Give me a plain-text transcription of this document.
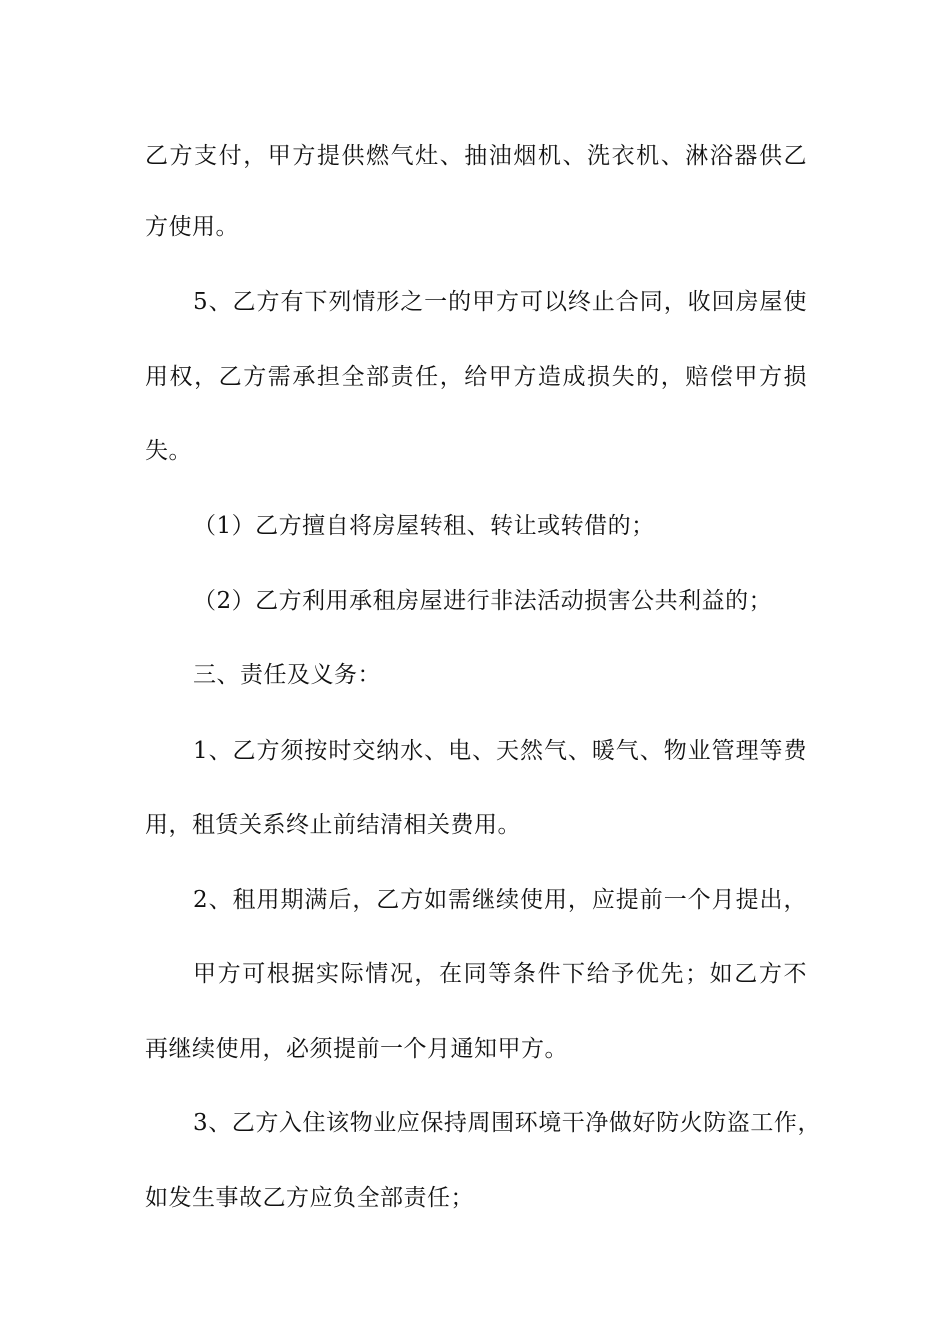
乙方支付，甲方提供燃气灶、抽油烟机、洗衣机、淋浴器供乙
方使用。
5、乙方有下列情形之一的甲方可以终止合同，收回房屋使
用权，乙方需承担全部责任，给甲方造成损失的，赔偿甲方损
失。
（1）乙方擅自将房屋转租、转让或转借的；
（2）乙方利用承租房屋进行非法活动损害公共利益的；
三、责任及义务：
1、乙方须按时交纳水、电、天然气、暖气、物业管理等费
用，租赁关系终止前结清相关费用。
2、租用期满后，乙方如需继续使用，应提前一个月提出，
甲方可根据实际情况，在同等条件下给予优先；如乙方不
再继续使用，必须提前一个月通知甲方。
3、乙方入住该物业应保持周围环境干净做好防火防盗工作，
如发生事故乙方应负全部责任；
